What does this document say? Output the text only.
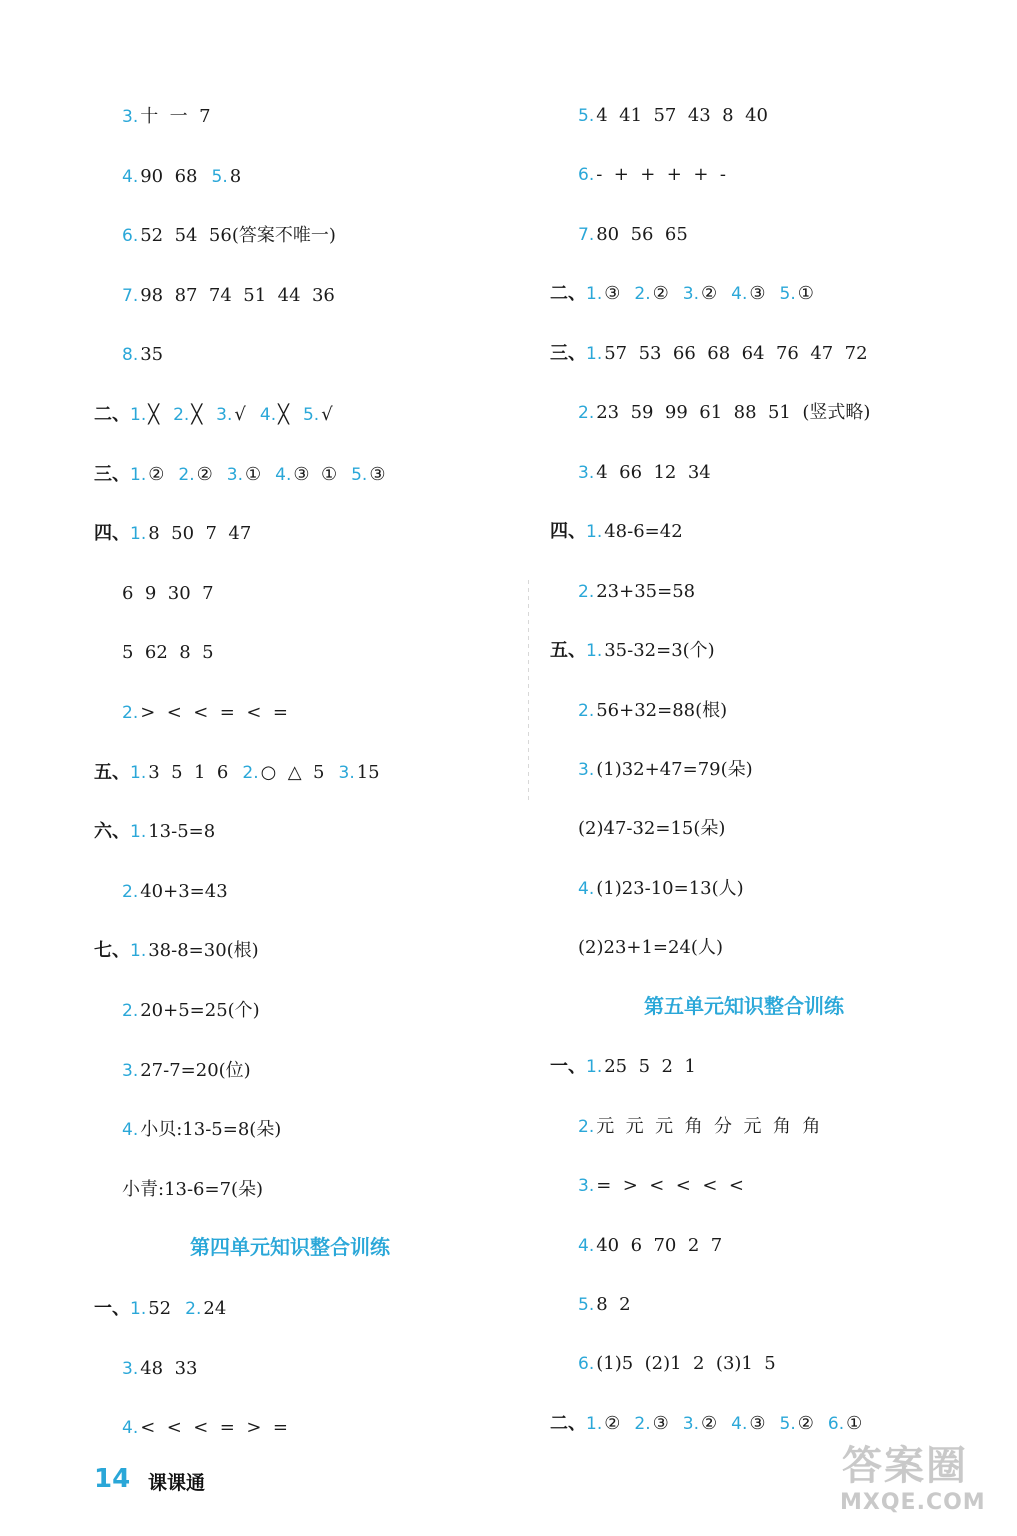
3. 十  一  7
4. 90  68 5. 8
6. 52  54  56(答案不唯一)
7. 98  87  74  51  44  36
8. 35
二、 1. ╳ 2. ╳ 3. √ 4. ╳ 5. √
三、 1. ② 2. ② 3. ① 4. ③  ① 5. ③
四、 1. 8  50  7  47
6  9  30  7
5  62  8  5
2. >  <  <  =  <  =
五、 1. 3  5  1  6 2. ○  △  5 3. 15
六、 1. 13-5=8
2. 40+3=43
七、 1. 38-8=30(根)
2. 20+5=25(个)
3. 27-7=20(位)
4. 小贝:13-5=8(朵)
小青:13-6=7(朵)
第四单元知识整合训练
一、 1. 52 2. 24
3. 48  33
4. <  <  <  =  >  =
5. 4  41  57  43  8  40
6. -  +  +  +  +  -
7. 80  56  65
二、 1. ③ 2. ② 3. ② 4. ③ 5. ①
三、 1. 57  53  66  68  64  76  47  72
2. 23  59  99  61  88  51  (竖式略)
3. 4  66  12  34
四、 1. 48-6=42
2. 23+35=58
五、 1. 35-32=3(个)
2. 56+32=88(根)
3. (1)32+47=79(朵)
(2)47-32=15(朵)
4. (1)23-10=13(人)
(2)23+1=24(人)
第五单元知识整合训练
一、 1. 25  5  2  1
2. 元  元  元  角  分  元  角  角
3. =  >  <  <  <  <
4. 40  6  70  2  7
5. 8  2
6. (1)5  (2)1  2  (3)1  5
二、 1. ② 2. ③ 3. ② 4. ③ 5. ② 6. ①
14 课课通	答案圈
MXQE.COM
